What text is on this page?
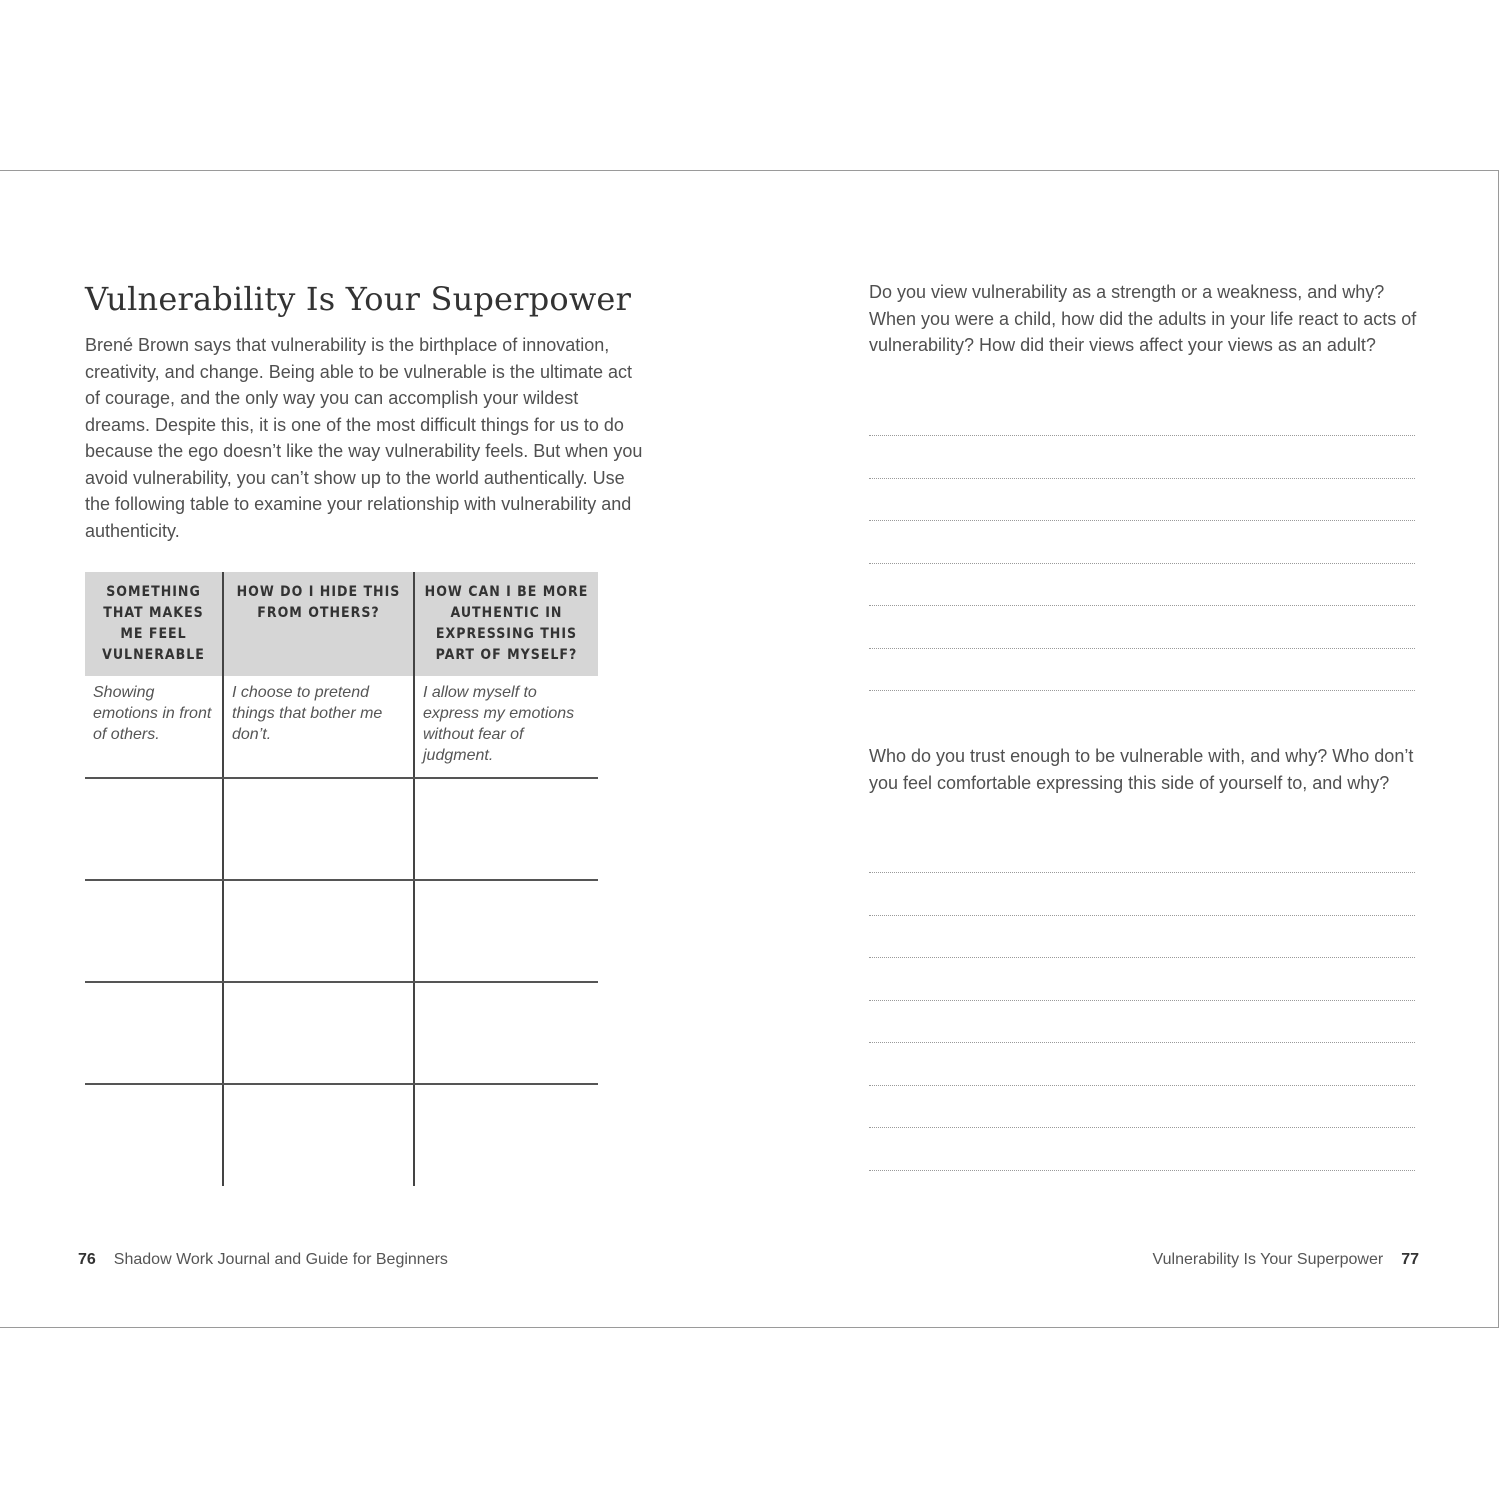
Vulnerability Is Your Superpower

Brené Brown says that vulnerability is the birthplace of innovation, creativity, and change. Being able to be vulnerable is the ultimate act of courage, and the only way you can accomplish your wildest dreams. Despite this, it is one of the most difficult things for us to do because the ego doesn’t like the way vulnerability feels. But when you avoid vulnerability, you can’t show up to the world authentically. Use the following table to examine your relationship with vulnerability and authenticity.

SOMETHING THAT MAKES ME FEEL VULNERABLE	HOW DO I HIDE THIS FROM OTHERS?	HOW CAN I BE MORE AUTHENTIC IN EXPRESSING THIS PART OF MYSELF?
Showing emotions in front of others.	I choose to pretend things that bother me don’t.	I allow myself to express my emotions without fear of judgment.

76 Shadow Work Journal and Guide for Beginners

Do you view vulnerability as a strength or a weakness, and why? When you were a child, how did the adults in your life react to acts of vulnerability? How did their views affect your views as an adult?

Who do you trust enough to be vulnerable with, and why? Who don’t you feel comfortable expressing this side of yourself to, and why?

Vulnerability Is Your Superpower 77
